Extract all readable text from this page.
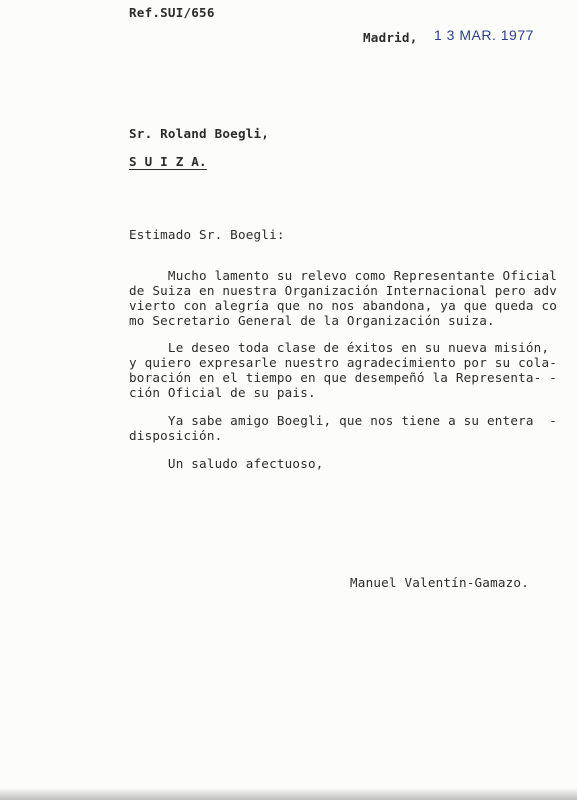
Ref.SUI/656
Madrid, 1 3 MAR. 1977
Sr. Roland Boegli,
S U I Z A.
Estimado Sr. Boegli:
Mucho lamento su relevo como Representante Oficial
de Suiza en nuestra Organización Internacional pero adv
vierto con alegría que no nos abandona, ya que queda co
mo Secretario General de la Organización suiza.
Le deseo toda clase de éxitos en su nueva misión,
y quiero expresarle nuestro agradecimiento por su cola-
boración en el tiempo en que desempeñó la Representa- -
ción Oficial de su pais.
Ya sabe amigo Boegli, que nos tiene a su entera  -
disposición.
Un saludo afectuoso,
Manuel Valentín-Gamazo.
